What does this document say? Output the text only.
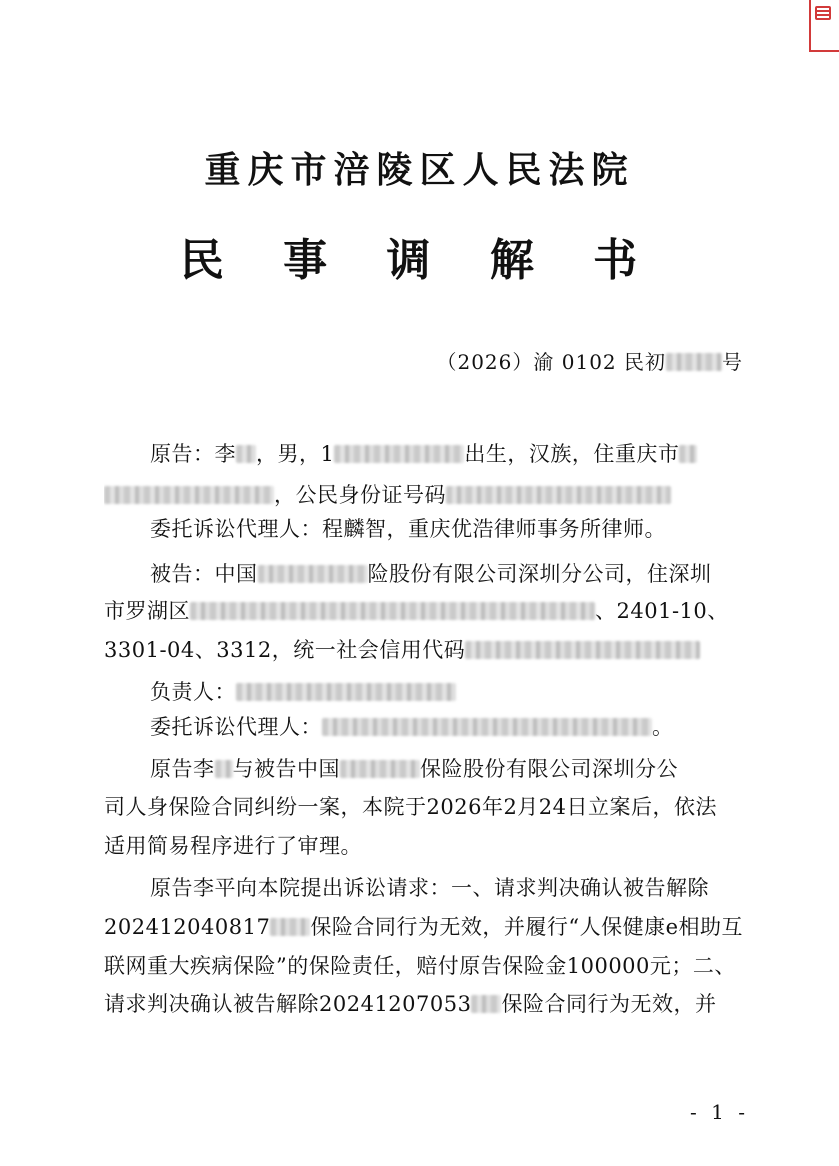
重庆市涪陵区人民法院
民 事 调 解 书
（2026）渝 0102 民初	号
原告：李 ，男，1	出生，汉族，住重庆市
，公民身份证号码
委托诉讼代理人：程麟智，重庆优浩律师事务所律师。
被告：中国	险股份有限公司深圳分公司，住深圳
市罗湖区	、2401-10、
3301-04、3312，统一社会信用代码
负责人：
委托诉讼代理人：	。
原告李 与被告中国	保险股份有限公司深圳分公
司人身保险合同纠纷一案，本院于2026年2月24日立案后，依法
适用简易程序进行了审理。
原告李平向本院提出诉讼请求：一、请求判决确认被告解除
202412040817 保险合同行为无效，并履行“人保健康e相助互
联网重大疾病保险”的保险责任，赔付原告保险金100000元；二、
请求判决确认被告解除20241207053 保险合同行为无效，并
- 1 -
